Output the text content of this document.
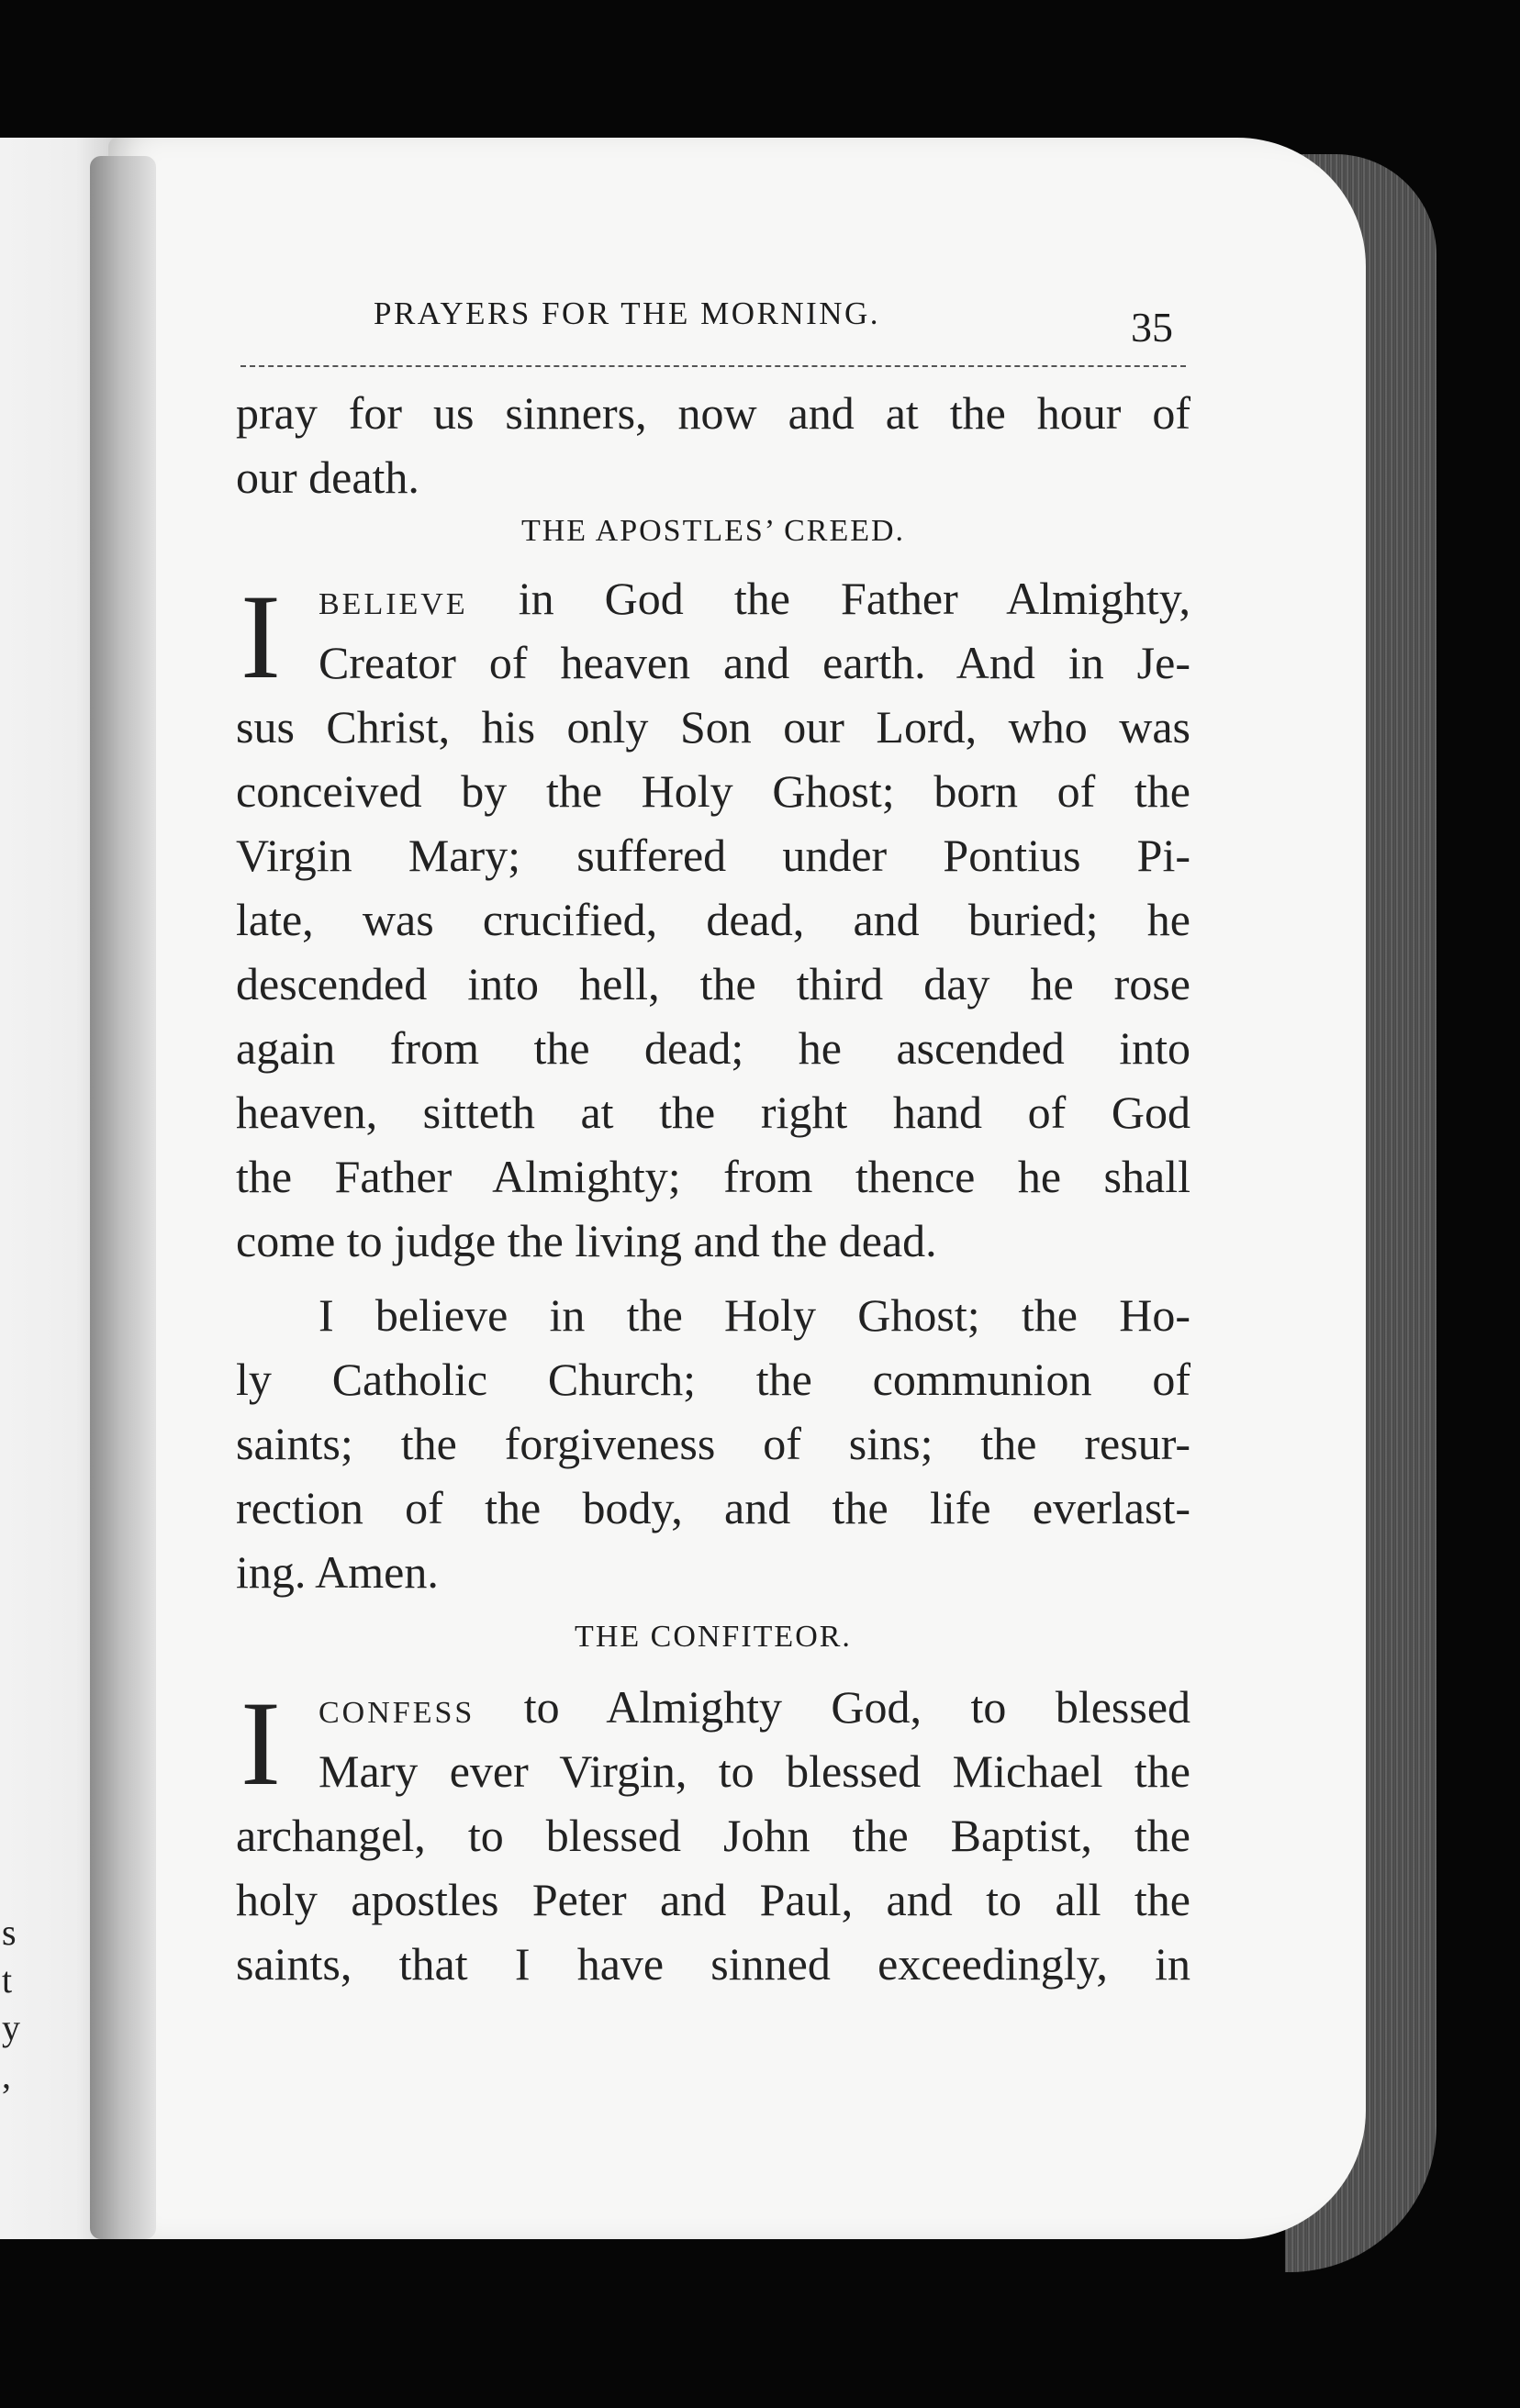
s
t
y
,
PRAYERS FOR THE MORNING.	35
pray for us sinners, now and at the hour of
our death.
THE APOSTLES’ CREED.
I BELIEVE in God the Father Almighty,
Creator of heaven and earth. And in Je-
sus Christ, his only Son our Lord, who was
conceived by the Holy Ghost; born of the
Virgin Mary; suffered under Pontius Pi-
late, was crucified, dead, and buried; he
descended into hell, the third day he rose
again from the dead; he ascended into
heaven, sitteth at the right hand of God
the Father Almighty; from thence he shall
come to judge the living and the dead.
I believe in the Holy Ghost; the Ho-
ly Catholic Church; the communion of
saints; the forgiveness of sins; the resur-
rection of the body, and the life everlast-
ing. Amen.
THE CONFITEOR.
I CONFESS to Almighty God, to blessed
Mary ever Virgin, to blessed Michael the
archangel, to blessed John the Baptist, the
holy apostles Peter and Paul, and to all the
saints, that I have sinned exceedingly, in
